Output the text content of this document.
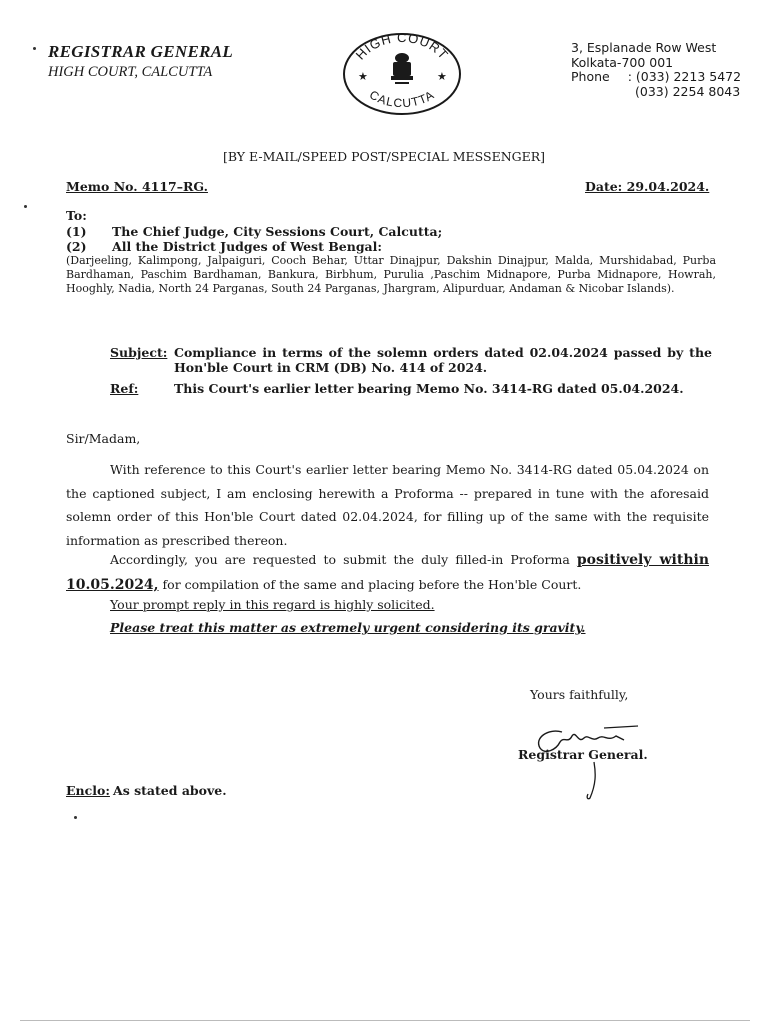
REGISTRAR GENERAL
HIGH COURT, CALCUTTA
HIGH COURT
CALCUTTA
★	★
3, Esplanade Row West
Kolkata-700 001
Phone : (033) 2213 5472
(033) 2254 8043
[BY E-MAIL/SPEED POST/SPECIAL MESSENGER]
Memo No. 4117–RG.	Date: 29.04.2024.
To:
(1) The Chief Judge, City Sessions Court, Calcutta;
(2) All the District Judges of West Bengal:
(Darjeeling, Kalimpong, Jalpaiguri, Cooch Behar, Uttar Dinajpur, Dakshin Dinajpur, Malda, Murshidabad, Purba Bardhaman, Paschim Bardhaman, Bankura, Birbhum, Purulia ,Paschim Midnapore, Purba Midnapore, Howrah, Hooghly, Nadia, North 24 Parganas, South 24 Parganas, Jhargram, Alipurduar, Andaman & Nicobar Islands).
Subject: Compliance in terms of the solemn orders dated 02.04.2024 passed by the Hon'ble Court in CRM (DB) No. 414 of 2024.
Ref:	This Court's earlier letter bearing Memo No. 3414-RG dated 05.04.2024.
Sir/Madam,
With reference to this Court's earlier letter bearing Memo No. 3414-RG dated 05.04.2024 on the captioned subject, I am enclosing herewith a Proforma -- prepared in tune with the aforesaid solemn order of this Hon'ble Court dated 02.04.2024, for filling up of the same with the requisite information as prescribed thereon.
Accordingly, you are requested to submit the duly filled-in Proforma positively within 10.05.2024, for compilation of the same and placing before the Hon'ble Court.
Your prompt reply in this regard is highly solicited.
Please treat this matter as extremely urgent considering its gravity.
Yours faithfully,
Registrar General.
Enclo: As stated above.
